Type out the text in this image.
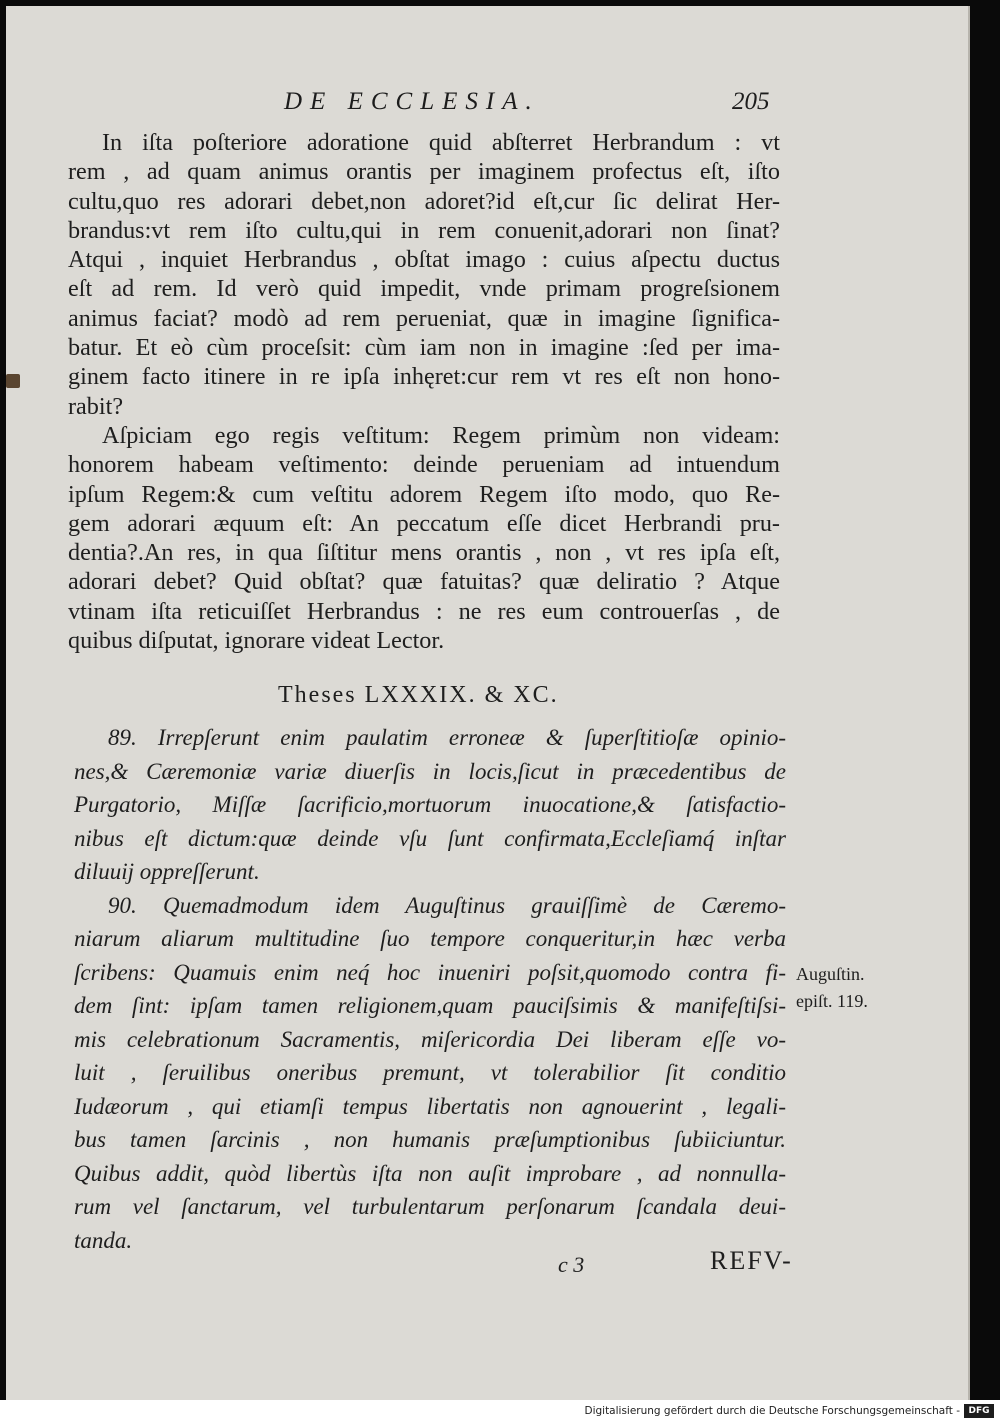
DE ECCLESIA.	205

In iſta poſteriore adoratione quid abſterret Herbrandum : vt
rem , ad quam animus orantis per imaginem profectus eſt, iſto
cultu,quo res adorari debet,non adoret?id eſt,cur ſic delirat Her-
brandus:vt rem iſto cultu,qui in rem conuenit,adorari non ſinat?
Atqui , inquiet Herbrandus , obſtat imago : cuius aſpectu ductus
eſt ad rem. Id verò quid impedit, vnde primam progreſsionem
animus faciat? modò ad rem perueniat, quæ in imagine ſignifica-
batur. Et eò cùm proceſsit: cùm iam non in imagine :ſed per ima-
ginem facto itinere in re ipſa inhęret:cur rem vt res eſt non hono-
rabit?

Aſpiciam ego regis veſtitum: Regem primùm non videam:
honorem habeam veſtimento: deinde perueniam ad intuendum
ipſum Regem:& cum veſtitu adorem Regem iſto modo, quo Re-
gem adorari æquum eſt: An peccatum eſſe dicet Herbrandi pru-
dentia?.An res, in qua ſiſtitur mens orantis , non , vt res ipſa eſt,
adorari debet? Quid obſtat? quæ fatuitas? quæ deliratio ? Atque
vtinam iſta reticuiſſet Herbrandus : ne res eum controuerſas , de
quibus diſputat, ignorare videat Lector.

Theses LXXXIX. & XC.

89. Irrepſerunt enim paulatim erroneæ & ſuperſtitioſæ opinio-
nes,& Cæremoniæ variæ diuerſis in locis,ſicut in præcedentibus de
Purgatorio, Miſſæ ſacrificio,mortuorum inuocatione,& ſatisfactio-
nibus eſt dictum:quæ deinde vſu ſunt confirmata,Eccleſiamq́ inſtar
diluuij oppreſſerunt.

90. Quemadmodum idem Auguſtinus grauiſſimè de Cæremo-
niarum aliarum multitudine ſuo tempore conqueritur,in hæc verba
ſcribens: Quamuis enim neq́ hoc inueniri poſsit,quomodo contra fi-
dem ſint: ipſam tamen religionem,quam pauciſsimis & manifeſtiſsi-
mis celebrationum Sacramentis, miſericordia Dei liberam eſſe vo-
luit , ſeruilibus oneribus premunt, vt tolerabilior ſit conditio
Iudæorum , qui etiamſi tempus libertatis non agnouerint , legali-
bus tamen ſarcinis , non humanis præſumptionibus ſubiiciuntur.
Quibus addit, quòd libertùs iſta non auſit improbare , ad nonnulla-
rum vel ſanctarum, vel turbulentarum perſonarum ſcandala deui-
tanda.

Auguſtin.
epiſt. 119.
c 3	REFV-
Digitalisierung gefördert durch die Deutsche Forschungsgemeinschaft - DFG
